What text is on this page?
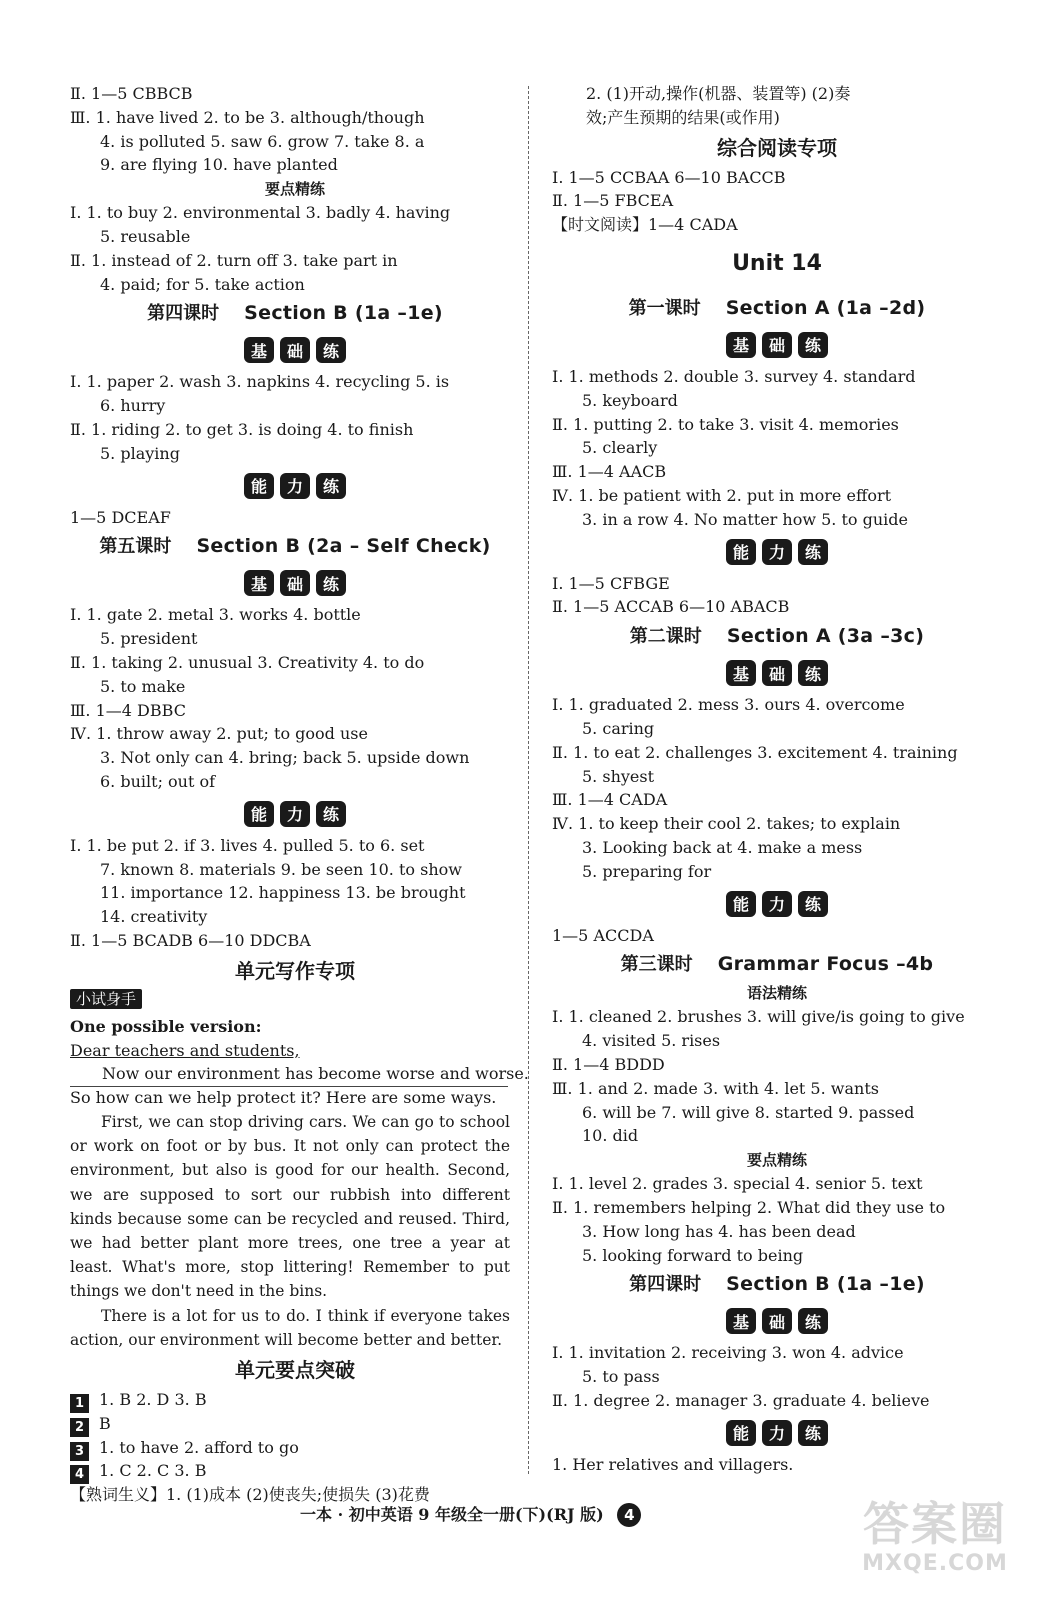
Ⅱ. 1—5 CBBCB
Ⅲ. 1. have lived 2. to be 3. although/though
4. is polluted 5. saw 6. grow 7. take 8. a
9. are flying 10. have planted
要点精练
Ⅰ. 1. to buy 2. environmental 3. badly 4. having
5. reusable
Ⅱ. 1. instead of 2. turn off 3. take part in
4. paid; for 5. take action
第四课时 Section B (1a –1e)
基	础	练
Ⅰ. 1. paper 2. wash 3. napkins 4. recycling 5. is
6. hurry
Ⅱ. 1. riding 2. to get 3. is doing 4. to finish
5. playing
能	力	练
1—5 DCEAF
第五课时 Section B (2a – Self Check)
基	础	练
Ⅰ. 1. gate 2. metal 3. works 4. bottle
5. president
Ⅱ. 1. taking 2. unusual 3. Creativity 4. to do
5. to make
Ⅲ. 1—4 DBBC
Ⅳ. 1. throw away 2. put; to good use
3. Not only can 4. bring; back 5. upside down
6. built; out of
能	力	练
Ⅰ. 1. be put 2. if 3. lives 4. pulled 5. to 6. set
7. known 8. materials 9. be seen 10. to show
11. importance 12. happiness 13. be brought
14. creativity
Ⅱ. 1—5 BCADB 6—10 DDCBA
单元写作专项
小试身手
One possible version:
Dear teachers and students,
Now our environment has become worse and worse.
So how can we help protect it? Here are some ways.
First, we can stop driving cars. We can go to school or work on foot or by bus. It not only can protect the environment, but also is good for our health. Second, we are supposed to sort our rubbish into different kinds because some can be recycled and reused. Third, we had better plant more trees, one tree a year at least. What's more, stop littering! Remember to put things we don't need in the bins.
There is a lot for us to do. I think if everyone takes action, our environment will become better and better.
单元要点突破
1 1. B 2. D 3. B
2 B
3 1. to have 2. afford to go
4 1. C 2. C 3. B
【熟词生义】1. (1)成本 (2)使丧失;使损失 (3)花费
2. (1)开动,操作(机器、装置等) (2)奏
效;产生预期的结果(或作用)
综合阅读专项
Ⅰ. 1—5 CCBAA 6—10 BACCB
Ⅱ. 1—5 FBCEA
【时文阅读】1—4 CADA
Unit 14
第一课时 Section A (1a –2d)
基	础	练
Ⅰ. 1. methods 2. double 3. survey 4. standard
5. keyboard
Ⅱ. 1. putting 2. to take 3. visit 4. memories
5. clearly
Ⅲ. 1—4 AACB
Ⅳ. 1. be patient with 2. put in more effort
3. in a row 4. No matter how 5. to guide
能	力	练
Ⅰ. 1—5 CFBGE
Ⅱ. 1—5 ACCAB 6—10 ABACB
第二课时 Section A (3a –3c)
基	础	练
Ⅰ. 1. graduated 2. mess 3. ours 4. overcome
5. caring
Ⅱ. 1. to eat 2. challenges 3. excitement 4. training
5. shyest
Ⅲ. 1—4 CADA
Ⅳ. 1. to keep their cool 2. takes; to explain
3. Looking back at 4. make a mess
5. preparing for
能	力	练
1—5 ACCDA
第三课时 Grammar Focus –4b
语法精练
Ⅰ. 1. cleaned 2. brushes 3. will give/is going to give
4. visited 5. rises
Ⅱ. 1—4 BDDD
Ⅲ. 1. and 2. made 3. with 4. let 5. wants
6. will be 7. will give 8. started 9. passed
10. did
要点精练
Ⅰ. 1. level 2. grades 3. special 4. senior 5. text
Ⅱ. 1. remembers helping 2. What did they use to
3. How long has 4. has been dead
5. looking forward to being
第四课时 Section B (1a –1e)
基	础	练
Ⅰ. 1. invitation 2. receiving 3. won 4. advice
5. to pass
Ⅱ. 1. degree 2. manager 3. graduate 4. believe
能	力	练
1. Her relatives and villagers.
一本 · 初中英语 9 年级全一册(下)(RJ 版) 4	答案圈
MXQE.COM
